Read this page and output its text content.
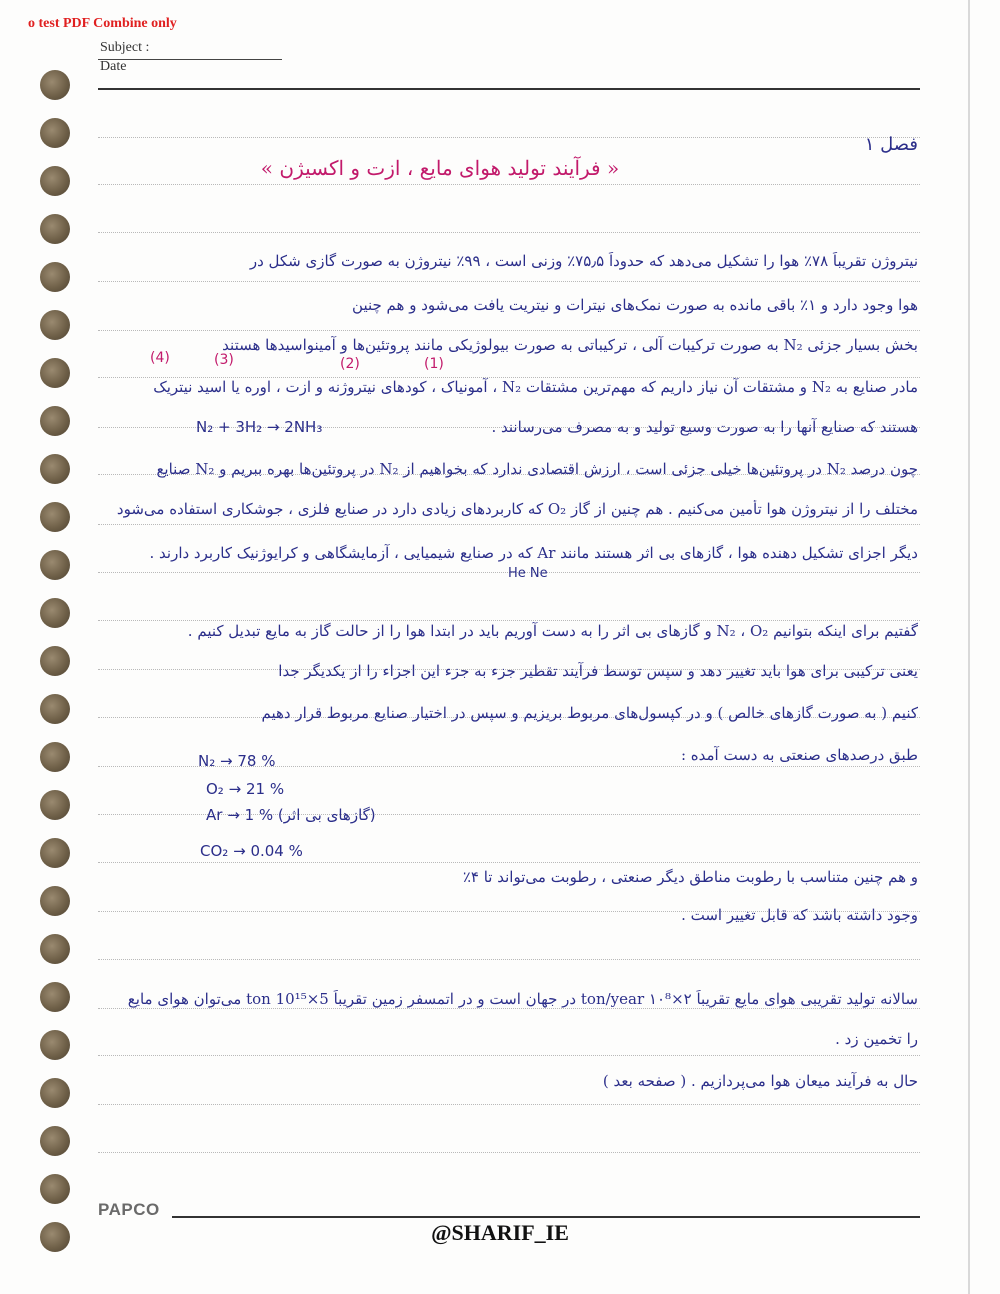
o test PDF Combine only
Subject :
Date
فصل ۱
« فرآیند تولید هوای مایع ، ازت و اکسیژن »
نیتروژن تقریباً ۷۸٪ هوا را تشکیل می‌دهد که حدوداً ۷۵٫۵٪ وزنی است ، ۹۹٪ نیتروژن به صورت گازی شکل در
هوا وجود دارد و ۱٪ باقی مانده به صورت نمک‌های نیترات و نیتریت یافت می‌شود و هم چنین
بخش بسیار جزئی N₂ به صورت ترکیبات آلی ، ترکیباتی به صورت بیولوژیکی مانند پروتئین‌ها و آمینواسیدها هستند
(4)	(3)	(2)	(1)
مادر صنایع به N₂ و مشتقات آن نیاز داریم که مهم‌ترین مشتقات N₂ ، آمونیاک ، کودهای نیتروژنه و ازت ، اوره یا اسید نیتریک
N₂ + 3H₂ → 2NH₃	هستند که صنایع آنها را به صورت وسیع تولید و به مصرف می‌رسانند .
چون درصد N₂ در پروتئین‌ها خیلی جزئی است ، ارزش اقتصادی ندارد که بخواهیم از N₂ در پروتئین‌ها بهره ببریم و N₂ صنایع
مختلف را از نیتروژن هوا تأمین می‌کنیم . هم چنین از گاز O₂ که کاربردهای زیادی دارد در صنایع فلزی ، جوشکاری استفاده می‌شود
دیگر اجزای تشکیل دهنده هوا ، گازهای بی اثر هستند مانند Ar که در صنایع شیمیایی ، آزمایشگاهی و کرایوژنیک کاربرد دارند .
He Ne
گفتیم برای اینکه بتوانیم N₂ ، O₂ و گازهای بی اثر را به دست آوریم باید در ابتدا هوا را از حالت گاز به مایع تبدیل کنیم .
یعنی ترکیبی برای هوا باید تغییر دهد و سپس توسط فرآیند تقطیر جزء به جزء این اجزاء را از یکدیگر جدا
کنیم ( به صورت گازهای خالص ) و در کپسول‌های مربوط بریزیم و سپس در اختیار صنایع مربوط قرار دهیم
طبق درصدهای صنعتی به دست آمده :
N₂ → 78 %
O₂ → 21 %
Ar → 1 % (گازهای بی اثر)
CO₂ → 0.04 %
و هم چنین متناسب با رطوبت مناطق دیگر صنعتی ، رطوبت می‌تواند تا ۴٪
وجود داشته باشد که قابل تغییر است .
سالانه تولید تقریبی هوای مایع تقریباً ۲×۱۰⁸ ton/year در جهان است و در اتمسفر زمین تقریباً 5×10¹⁵ ton می‌توان هوای مایع
را تخمین زد .
حال به فرآیند میعان هوا می‌پردازیم . ( صفحه بعد )
PAPCO
@SHARIF_IE
